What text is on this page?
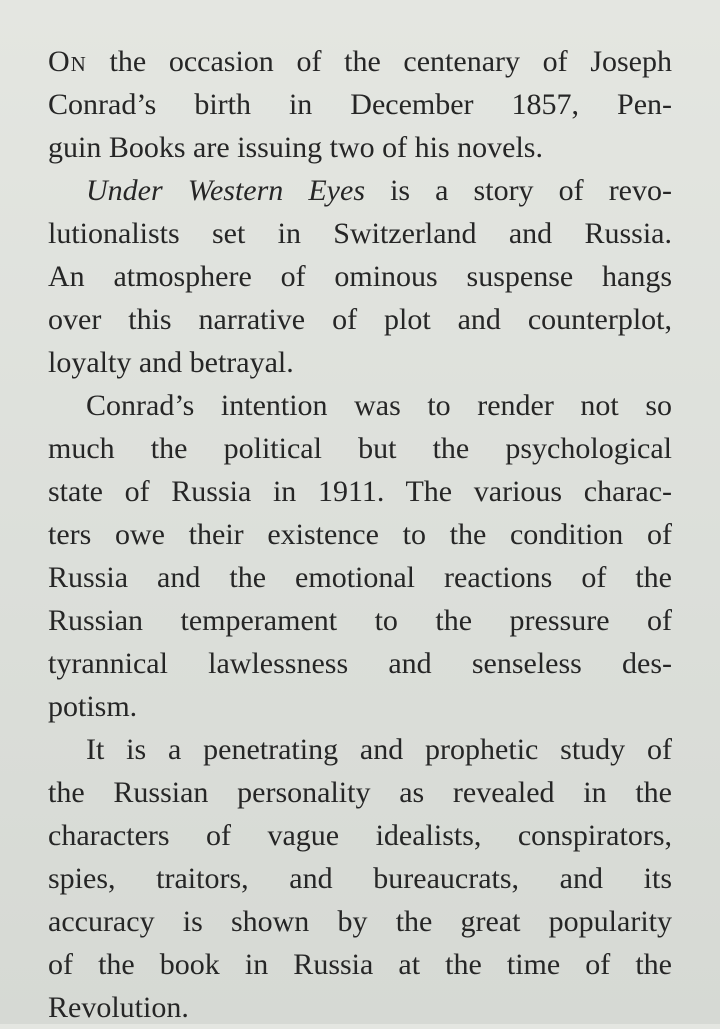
On the occasion of the centenary of Joseph
Conrad’s birth in December 1857, Pen-
guin Books are issuing two of his novels.
Under Western Eyes is a story of revo-
lutionalists set in Switzerland and Russia.
An atmosphere of ominous suspense hangs
over this narrative of plot and counterplot,
loyalty and betrayal.
Conrad’s intention was to render not so
much the political but the psychological
state of Russia in 1911. The various charac-
ters owe their existence to the condition of
Russia and the emotional reactions of the
Russian temperament to the pressure of
tyrannical lawlessness and senseless des-
potism.
It is a penetrating and prophetic study of
the Russian personality as revealed in the
characters of vague idealists, conspirators,
spies, traitors, and bureaucrats, and its
accuracy is shown by the great popularity
of the book in Russia at the time of the
Revolution.
